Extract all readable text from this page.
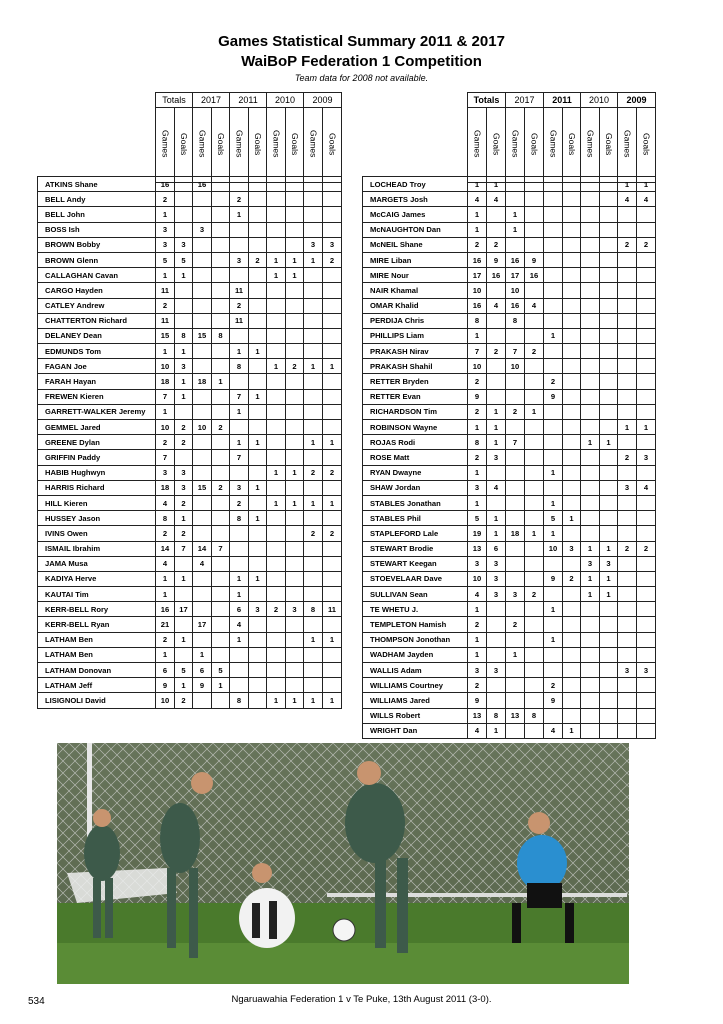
Games Statistical Summary 2011 & 2017
WaiBoP Federation 1 Competition
Team data for 2008 not available.
Totals		2017		2011		2010		2009	
Games	Goals	Games	Goals	Games	Goals	Games	Goals	Games	Goals
Totals		2017		2011		2010		2009	
Games	Goals	Games	Goals	Games	Goals	Games	Goals	Games	Goals
ATKINS Shane	16		16							
BELL Andy	2				2					
BELL John	1				1					
BOSS Ish	3		3							
BROWN Bobby	3	3							3	3
BROWN Glenn	5	5			3	2	1	1	1	2
CALLAGHAN Cavan	1	1					1	1		
CARGO Hayden	11				11					
CATLEY Andrew	2				2					
CHATTERTON Richard	11				11					
DELANEY Dean	15	8	15	8						
EDMUNDS Tom	1	1			1	1				
FAGAN Joe	10	3			8		1	2	1	1
FARAH Hayan	18	1	18	1						
FREWEN Kieren	7	1			7	1				
GARRETT-WALKER Jeremy	1				1					
GEMMEL Jared	10	2	10	2						
GREENE Dylan	2	2			1	1			1	1
GRIFFIN Paddy	7				7					
HABIB Hughwyn	3	3					1	1	2	2
HARRIS Richard	18	3	15	2	3	1				
HILL Kieren	4	2			2		1	1	1	1
HUSSEY Jason	8	1			8	1				
IVINS Owen	2	2							2	2
ISMAIL Ibrahim	14	7	14	7						
JAMA Musa	4		4							
KADIYA Herve	1	1			1	1				
KAUTAI Tim	1				1					
KERR-BELL Rory	16	17			6	3	2	3	8	11
KERR-BELL Ryan	21		17		4					
LATHAM Ben	2	1			1				1	1
LATHAM Ben	1		1							
LATHAM Donovan	6	5	6	5						
LATHAM Jeff	9	1	9	1						
LISIGNOLI David	10	2			8		1	1	1	1
LOCHEAD Troy	1	1							1	1
MARGETS Josh	4	4							4	4
McCAIG James	1		1							
McNAUGHTON Dan	1		1							
McNEIL Shane	2	2							2	2
MIRE Liban	16	9	16	9						
MIRE Nour	17	16	17	16						
NAIR Khamal	10		10							
OMAR Khalid	16	4	16	4						
PERDIJA Chris	8		8							
PHILLIPS Liam	1				1					
PRAKASH Nirav	7	2	7	2						
PRAKASH Shahil	10		10							
RETTER Bryden	2				2					
RETTER Evan	9				9					
RICHARDSON Tim	2	1	2	1						
ROBINSON Wayne	1	1							1	1
ROJAS Rodi	8	1	7				1	1		
ROSE Matt	2	3							2	3
RYAN Dwayne	1				1					
SHAW Jordan	3	4							3	4
STABLES Jonathan	1				1					
STABLES Phil	5	1			5	1				
STAPLEFORD Lale	19	1	18	1	1					
STEWART Brodie	13	6			10	3	1	1	2	2
STEWART Keegan	3	3					3	3		
STOEVELAAR Dave	10	3			9	2	1	1		
SULLIVAN Sean	4	3	3	2			1	1		
TE WHETU J.	1				1					
TEMPLETON Hamish	2		2							
THOMPSON Jonothan	1				1					
WADHAM Jayden	1		1							
WALLIS Adam	3	3							3	3
WILLIAMS Courtney	2				2					
WILLIAMS Jared	9				9					
WILLS Robert	13	8	13	8						
WRIGHT Dan	4	1			4	1				
Ngaruawahia Federation 1 v Te Puke, 13th August 2011 (3-0).
534
